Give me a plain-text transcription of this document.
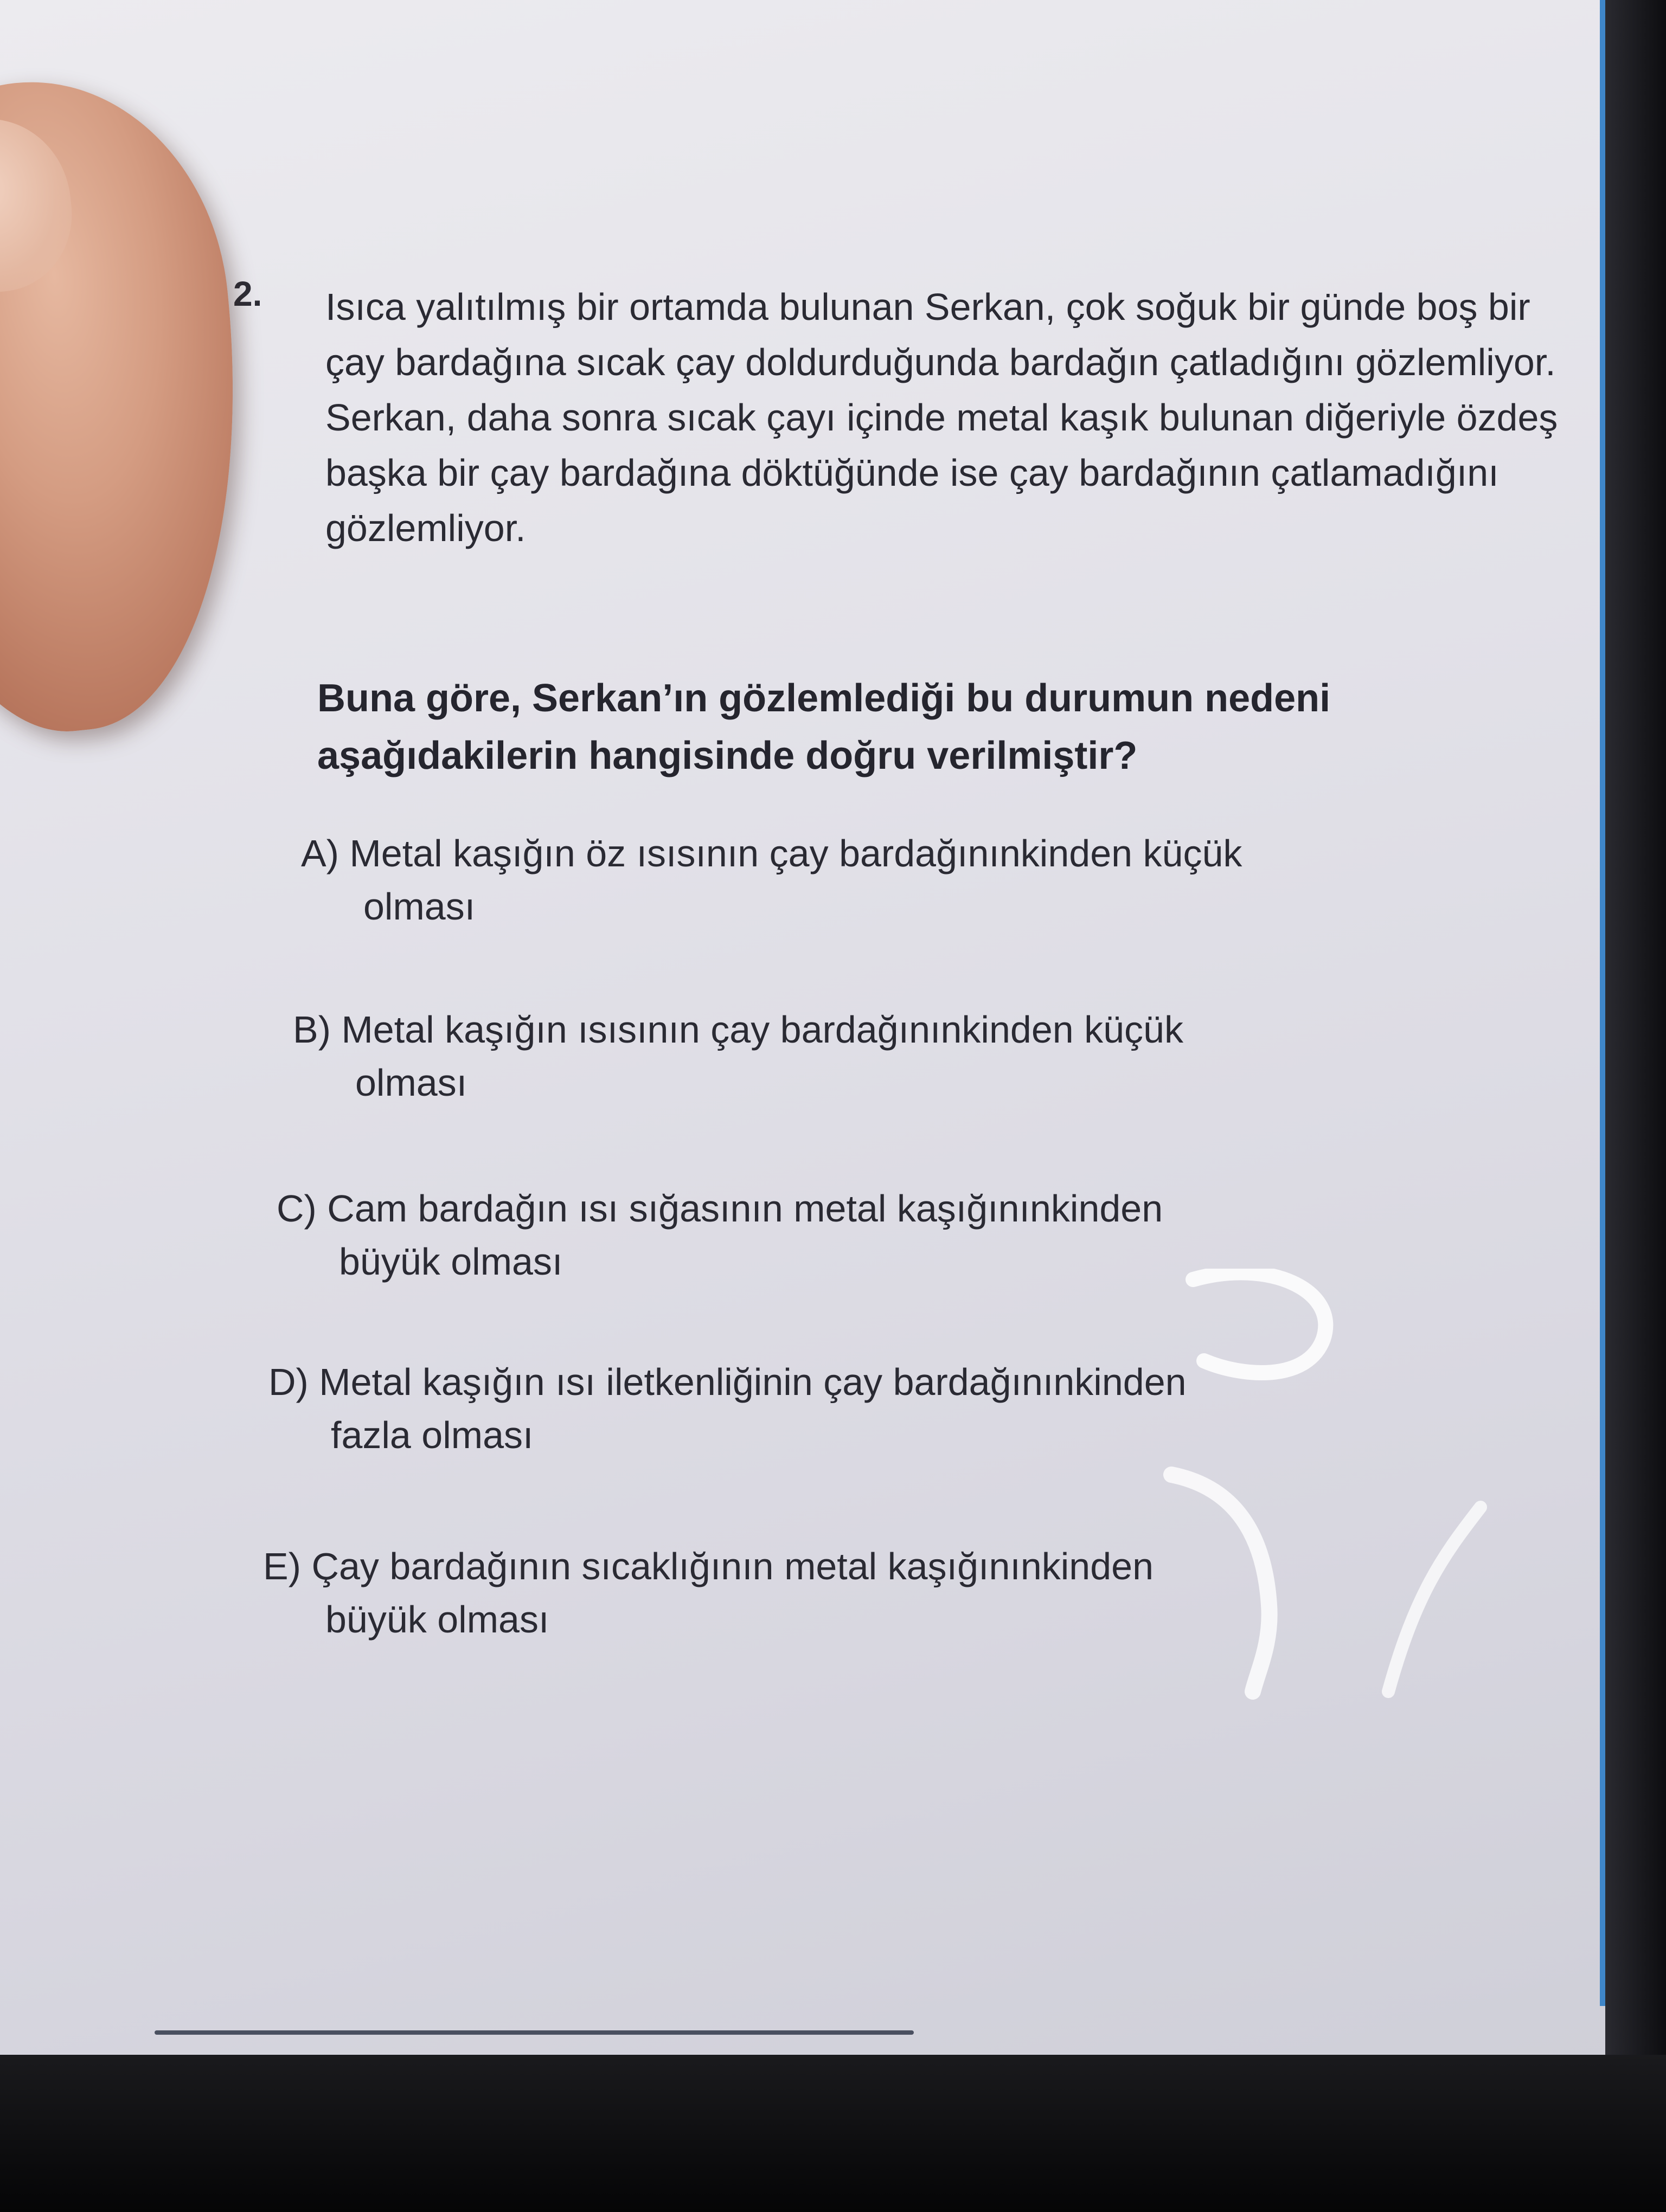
2. Isıca yalıtılmış bir ortamda bulunan Serkan, çok soğuk bir günde boş bir çay bardağına sıcak çay doldurduğunda bardağın çatladığını gözlemliyor. Serkan, daha sonra sıcak çayı içinde metal kaşık bulunan diğeriyle özdeş başka bir çay bardağına döktüğünde ise çay bardağının çatlamadığını gözlemliyor.

Buna göre, Serkan’ın gözlemlediği bu durumun nedeni aşağıdakilerin hangisinde doğru verilmiştir?

A) Metal kaşığın öz ısısının çay bardağınınkinden küçük
olması
B) Metal kaşığın ısısının çay bardağınınkinden küçük
olması
C) Cam bardağın ısı sığasının metal kaşığınınkinden
büyük olması
D) Metal kaşığın ısı iletkenliğinin çay bardağınınkinden
fazla olması
E) Çay bardağının sıcaklığının metal kaşığınınkinden
büyük olması
